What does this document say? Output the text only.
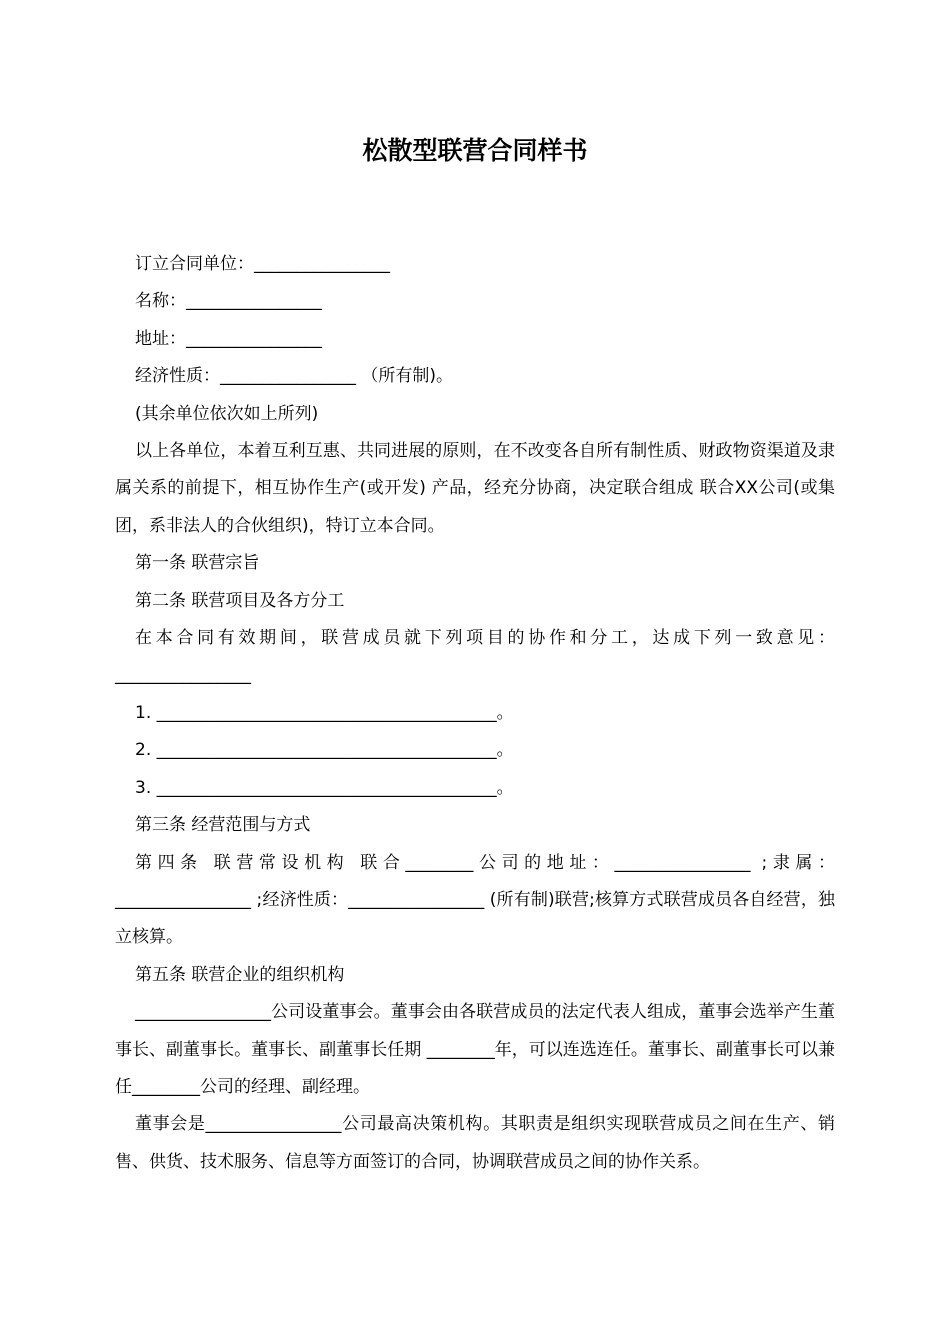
松散型联营合同样书

订立合同单位：________________

名称：________________

地址：________________

经济性质：________________ （所有制)。

(其余单位依次如上所列)

以上各单位，本着互利互惠、共同进展的原则，在不改变各自所有制性质、财政物资渠道及隶属关系的前提下，相互协作生产(或开发) 产品，经充分协商，决定联合组成 联合XX公司(或集团，系非法人的合伙组织)，特订立本合同。

第一条 联营宗旨

第二条 联营项目及各方分工

在本合同有效期间，联营成员就下列项目的协作和分工，达成下列一致意见：________________

1. ________________________________________。

2. ________________________________________。

3. ________________________________________。

第三条 经营范围与方式

第四条 联营常设机构 联合________公司的地址：________________ ;隶属：________________ ;经济性质：________________ (所有制)联营;核算方式联营成员各自经营，独立核算。

第五条 联营企业的组织机构

________________公司设董事会。董事会由各联营成员的法定代表人组成，董事会选举产生董事长、副董事长。董事长、副董事长任期 ________年，可以连选连任。董事长、副董事长可以兼任________公司的经理、副经理。

董事会是________________公司最高决策机构。其职责是组织实现联营成员之间在生产、销售、供货、技术服务、信息等方面签订的合同，协调联营成员之间的协作关系。
